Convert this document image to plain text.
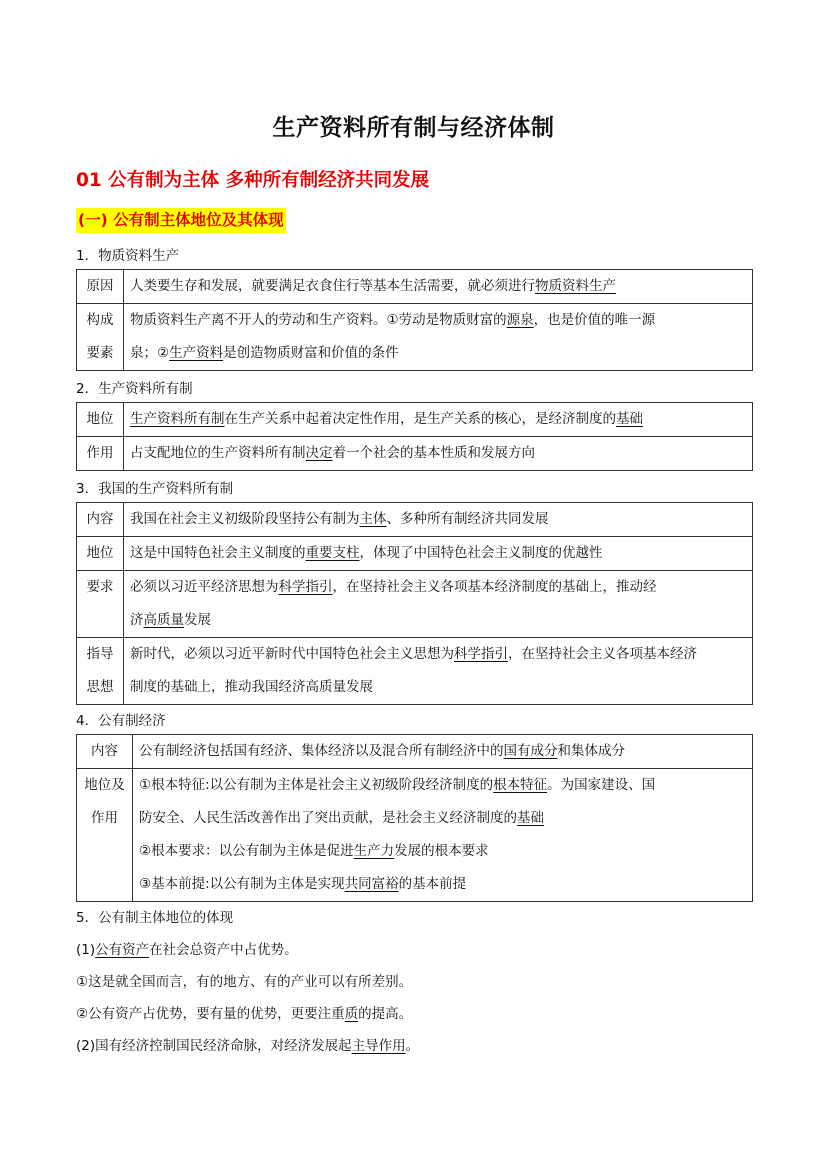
生产资料所有制与经济体制
01 公有制为主体 多种所有制经济共同发展
(一) 公有制主体地位及其体现
1．物质资料生产
原因	人类要生存和发展，就要满足衣食住行等基本生活需要，就必须进行物质资料生产
构成
要素	物质资料生产离不开人的劳动和生产资料。①劳动是物质财富的源泉，也是价值的唯一源
泉；②生产资料是创造物质财富和价值的条件
2．生产资料所有制
地位	生产资料所有制在生产关系中起着决定性作用，是生产关系的核心，是经济制度的基础
作用	占支配地位的生产资料所有制决定着一个社会的基本性质和发展方向
3．我国的生产资料所有制
内容	我国在社会主义初级阶段坚持公有制为主体、多种所有制经济共同发展
地位	这是中国特色社会主义制度的重要支柱，体现了中国特色社会主义制度的优越性
要求	必须以习近平经济思想为科学指引，在坚持社会主义各项基本经济制度的基础上，推动经
济高质量发展
指导
思想	新时代，必须以习近平新时代中国特色社会主义思想为科学指引，在坚持社会主义各项基本经济
制度的基础上，推动我国经济高质量发展
4．公有制经济
内容	公有制经济包括国有经济、集体经济以及混合所有制经济中的国有成分和集体成分
地位及
作用	①根本特征:以公有制为主体是社会主义初级阶段经济制度的根本特征。为国家建设、国
防安全、人民生活改善作出了突出贡献，是社会主义经济制度的基础
②根本要求：以公有制为主体是促进生产力发展的根本要求
③基本前提:以公有制为主体是实现共同富裕的基本前提
5．公有制主体地位的体现
(1)公有资产在社会总资产中占优势。
①这是就全国而言，有的地方、有的产业可以有所差别。
②公有资产占优势，要有量的优势，更要注重质的提高。
(2)国有经济控制国民经济命脉，对经济发展起主导作用。
